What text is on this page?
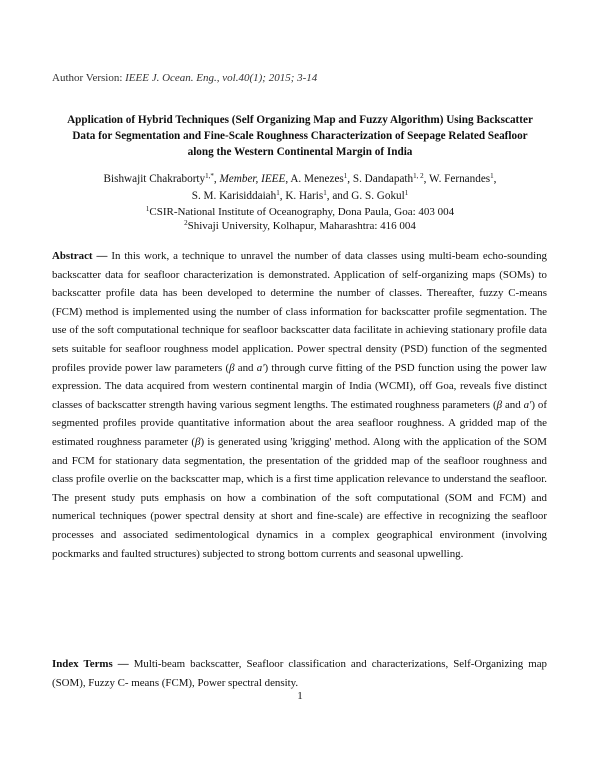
Author Version: IEEE J. Ocean. Eng., vol.40(1); 2015; 3-14
Application of Hybrid Techniques (Self Organizing Map and Fuzzy Algorithm) Using Backscatter
Data for Segmentation and Fine-Scale Roughness Characterization of Seepage Related Seafloor
along the Western Continental Margin of India
Bishwajit Chakraborty$^{1,*}$, Member, IEEE, A. Menezes$^1$, S. Dandapath$^{1, 2}$, W. Fernandes$^1$,
S. M. Karisiddaiah$^1$, K. Haris$^1$, and G. S. Gokul$^1$
$^1$CSIR-National Institute of Oceanography, Dona Paula, Goa: 403 004
$^2$Shivaji University, Kolhapur, Maharashtra: 416 004

Abstract — In this work, a technique to unravel the number of data classes using multi-beam echo-sounding backscatter data for seafloor characterization is demonstrated. Application of self-organizing maps (SOMs) to backscatter profile data has been developed to determine the number of classes. Thereafter, fuzzy C-means (FCM) method is implemented using the number of class information for backscatter profile segmentation. The use of the soft computational technique for seafloor backscatter data facilitate in achieving stationary profile data sets suitable for seafloor roughness model application. Power spectral density (PSD) function of the segmented profiles provide power law parameters (β and a') through curve fitting of the PSD function using the power law expression. The data acquired from western continental margin of India (WCMI), off Goa, reveals five distinct classes of backscatter strength having various segment lengths. The estimated roughness parameters (β and a') of segmented profiles provide quantitative information about the area seafloor roughness. A gridded map of the estimated roughness parameter (β) is generated using 'krigging' method. Along with the application of the SOM and FCM for stationary data segmentation, the presentation of the gridded map of the seafloor roughness and class profile overlie on the backscatter map, which is a first time application relevance to understand the seafloor. The present study puts emphasis on how a combination of the soft computational (SOM and FCM) and numerical techniques (power spectral density at short and fine-scale) are effective in recognizing the seafloor processes and associated sedimentological dynamics in a complex geographical environment (involving pockmarks and faulted structures) subjected to strong bottom currents and seasonal upwelling.

Index Terms — Multi-beam backscatter, Seafloor classification and characterizations, Self-Organizing map (SOM), Fuzzy C- means (FCM), Power spectral density.

1
